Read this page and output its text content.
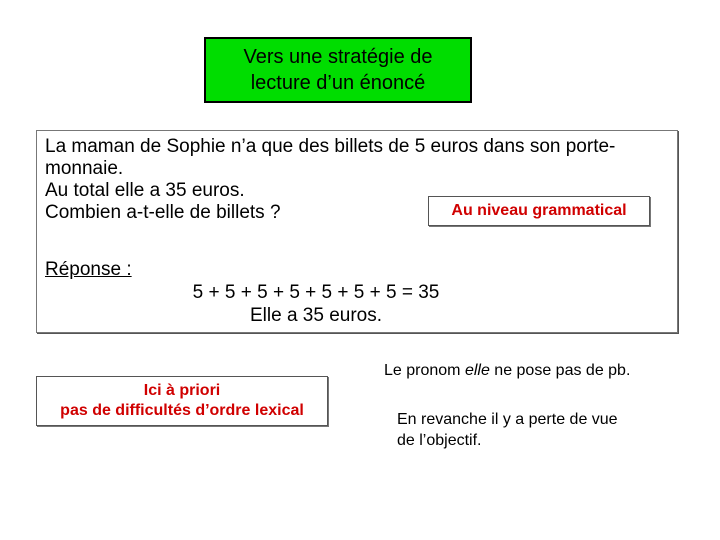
Vers une stratégie de
lecture d’un énoncé

La maman de Sophie n’a que des billets de 5 euros dans son porte-

monnaie.

Au total elle a 35 euros.

Combien a-t-elle de billets ?

Réponse :
5 + 5 + 5 + 5 + 5 + 5 + 5 = 35
Elle a 35 euros.
Au niveau grammatical
Ici à priori
pas de difficultés d’ordre lexical
Le pronom elle ne pose pas de pb.
En revanche il y a perte de vue
de l’objectif.
